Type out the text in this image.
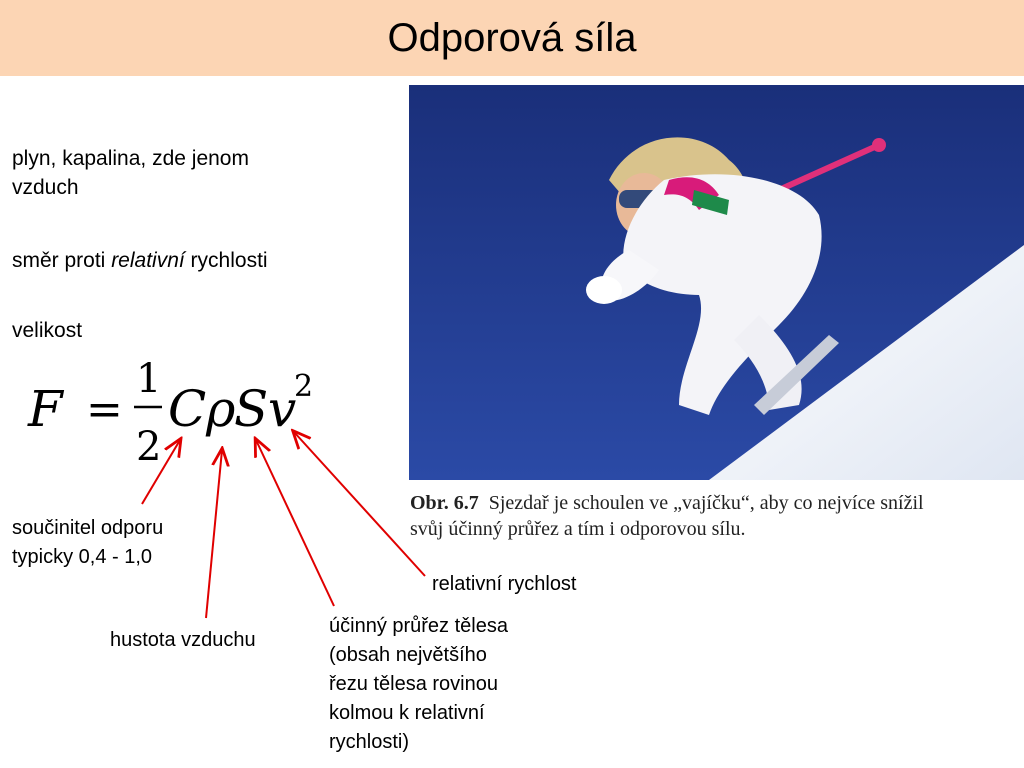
Odporová síla
plyn, kapalina, zde jenom
vzduch
směr proti relativní rychlosti
velikost
F =
1
2
C ρ
S v
2
Obr. 6.7 Sjezdař je schoulen ve „vajíčku“, aby co nejvíce snížil
svůj účinný průřez a tím i odporovou sílu.
součinitel odporu
typicky 0,4 - 1,0
hustota vzduchu
relativní rychlost
účinný průřez tělesa
(obsah největšího
řezu tělesa rovinou
kolmou k relativní
rychlosti)
